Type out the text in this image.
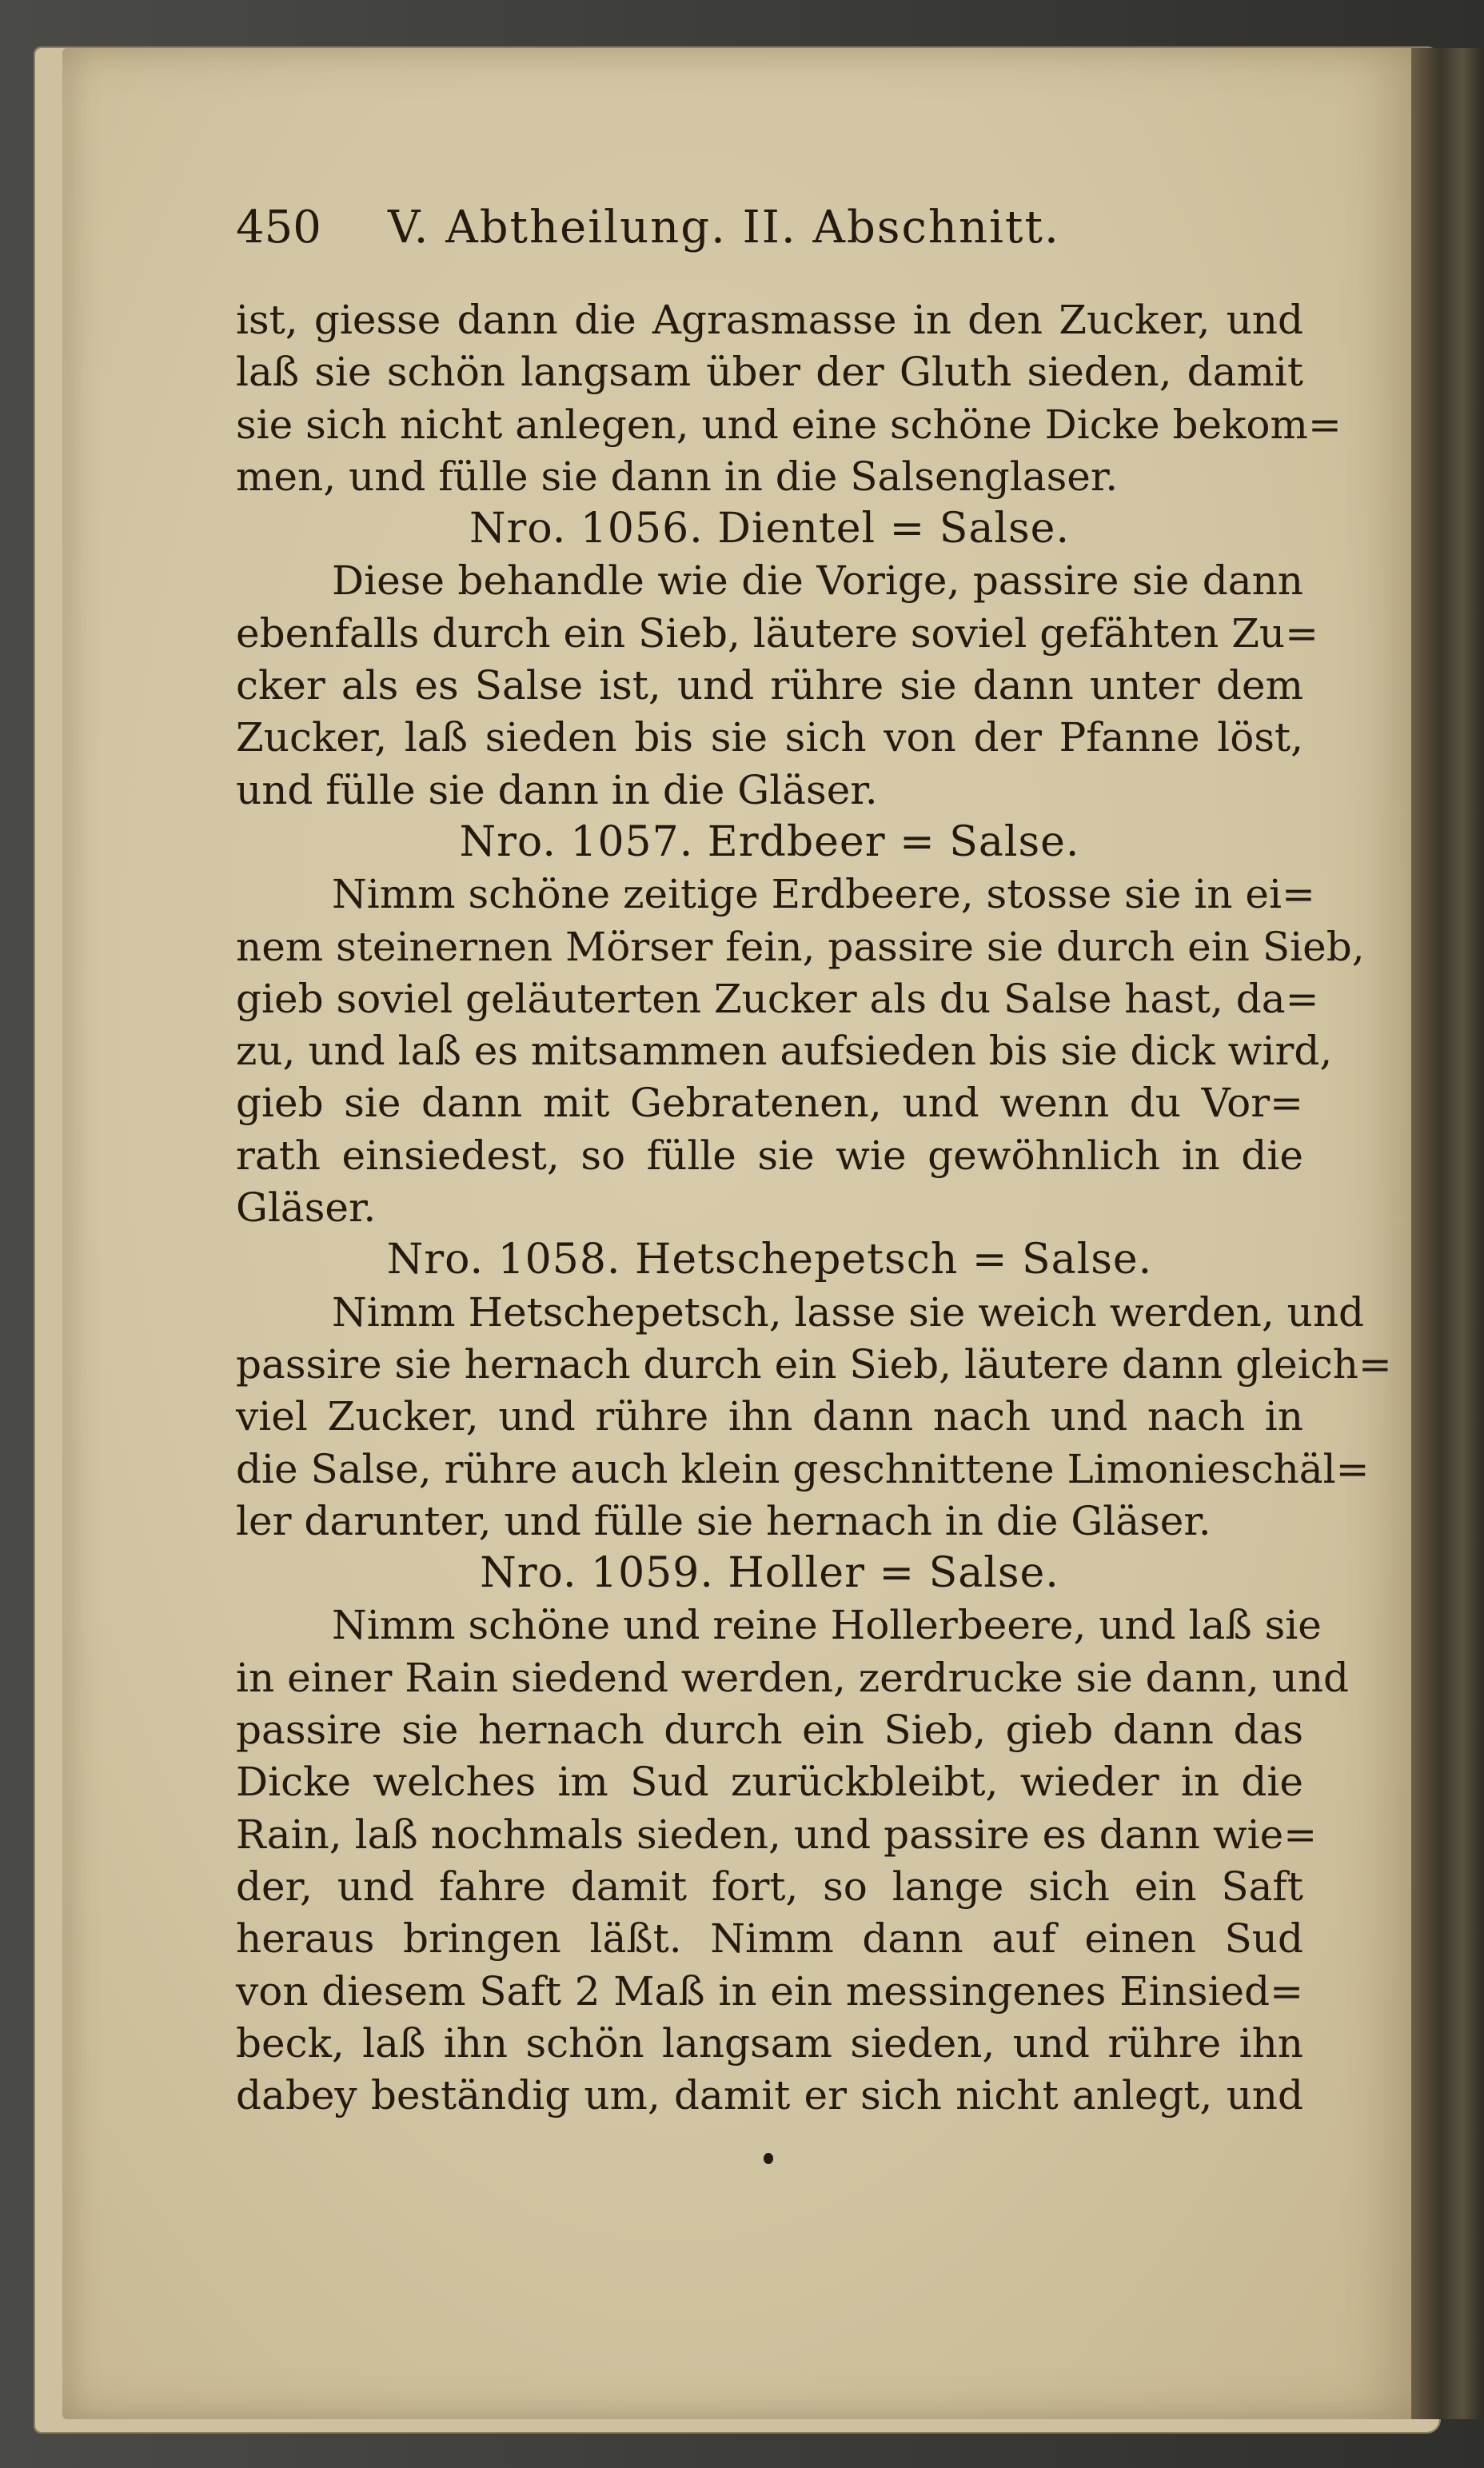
450 V. Abtheilung. II. Abschnitt.
ist, giesse dann die Agrasmasse in den Zucker, und
laß sie schön langsam über der Gluth sieden, damit
sie sich nicht anlegen, und eine schöne Dicke bekom=
men, und fülle sie dann in die Salsenglaser.
Nro. 1056. Dientel = Salse.
Diese behandle wie die Vorige, passire sie dann
ebenfalls durch ein Sieb, läutere soviel gefähten Zu=
cker als es Salse ist, und rühre sie dann unter dem
Zucker, laß sieden bis sie sich von der Pfanne löst,
und fülle sie dann in die Gläser.
Nro. 1057. Erdbeer = Salse.
Nimm schöne zeitige Erdbeere, stosse sie in ei=
nem steinernen Mörser fein, passire sie durch ein Sieb,
gieb soviel geläuterten Zucker als du Salse hast, da=
zu, und laß es mitsammen aufsieden bis sie dick wird,
gieb sie dann mit Gebratenen, und wenn du Vor=
rath einsiedest, so fülle sie wie gewöhnlich in die
Gläser.
Nro. 1058. Hetschepetsch = Salse.
Nimm Hetschepetsch, lasse sie weich werden, und
passire sie hernach durch ein Sieb, läutere dann gleich=
viel Zucker, und rühre ihn dann nach und nach in
die Salse, rühre auch klein geschnittene Limonieschäl=
ler darunter, und fülle sie hernach in die Gläser.
Nro. 1059. Holler = Salse.
Nimm schöne und reine Hollerbeere, und laß sie
in einer Rain siedend werden, zerdrucke sie dann, und
passire sie hernach durch ein Sieb, gieb dann das
Dicke welches im Sud zurückbleibt, wieder in die
Rain, laß nochmals sieden, und passire es dann wie=
der, und fahre damit fort, so lange sich ein Saft
heraus bringen läßt. Nimm dann auf einen Sud
von diesem Saft 2 Maß in ein messingenes Einsied=
beck, laß ihn schön langsam sieden, und rühre ihn
dabey beständig um, damit er sich nicht anlegt, und
